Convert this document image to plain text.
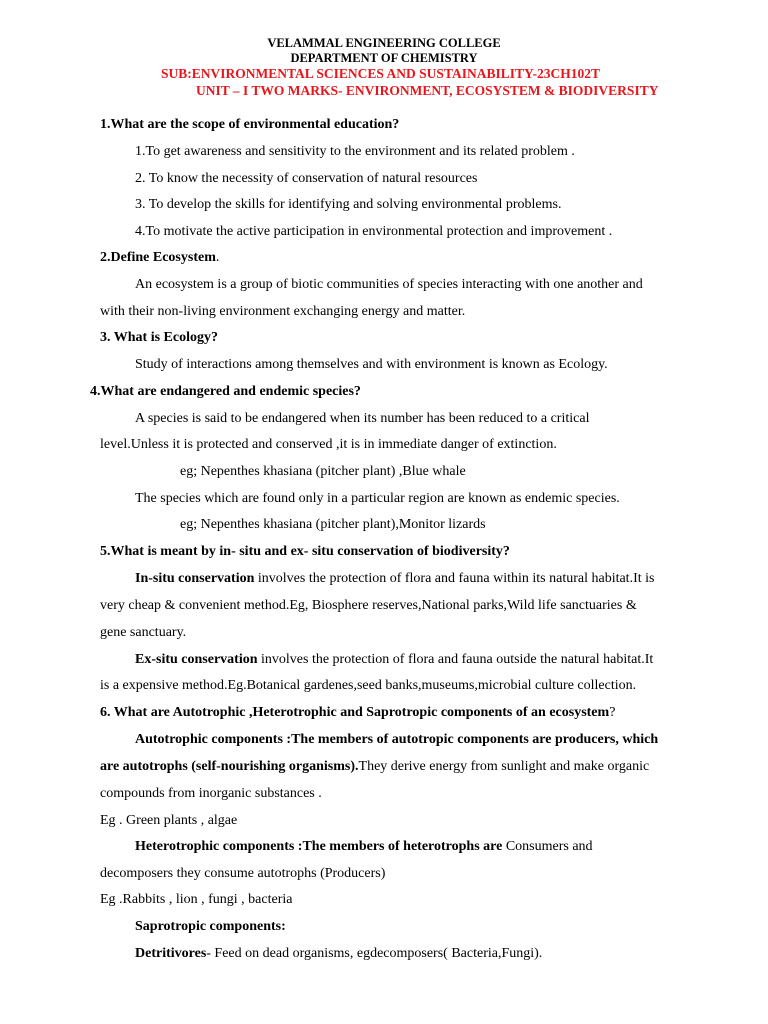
VELAMMAL ENGINEERING COLLEGE
DEPARTMENT OF CHEMISTRY
SUB:ENVIRONMENTAL SCIENCES AND SUSTAINABILITY-23CH102T
UNIT – I TWO MARKS- ENVIRONMENT, ECOSYSTEM & BIODIVERSITY
1.What are the scope of environmental education?
1.To get awareness and sensitivity to the environment and its related problem .
2. To know the necessity of conservation of natural resources
3. To develop the skills for identifying and solving environmental problems.
4.To motivate the active participation in environmental protection and improvement .
2.Define Ecosystem.
An ecosystem is a group of biotic communities of species interacting with one another and
with their non-living environment exchanging energy and matter.
3. What is Ecology?
Study of interactions among themselves and with environment is known as Ecology.
4.What are endangered and endemic species?
A species is said to be endangered when its number has been reduced to a critical
level.Unless it is protected and conserved ,it is in immediate danger of extinction.
eg; Nepenthes khasiana (pitcher plant) ,Blue whale
The species which are found only in a particular region are known as endemic species.
eg; Nepenthes khasiana (pitcher plant),Monitor lizards
5.What is meant by in- situ and ex- situ conservation of biodiversity?
In-situ conservation involves the protection of flora and fauna within its natural habitat.It is
very cheap & convenient method.Eg, Biosphere reserves,National parks,Wild life sanctuaries &
gene sanctuary.
Ex-situ conservation involves the protection of flora and fauna outside the natural habitat.It
is a expensive method.Eg.Botanical gardenes,seed banks,museums,microbial culture collection.
6. What are Autotrophic ,Heterotrophic and Saprotropic components of an ecosystem?
Autotrophic components :The members of autotropic components are producers, which
are autotrophs (self-nourishing organisms).They derive energy from sunlight and make organic
compounds from inorganic substances .
Eg . Green plants , algae
Heterotrophic components :The members of heterotrophs are Consumers and
decomposers they consume autotrophs (Producers)
Eg .Rabbits , lion , fungi , bacteria
Saprotropic components:
Detritivores- Feed on dead organisms, egdecomposers( Bacteria,Fungi).
